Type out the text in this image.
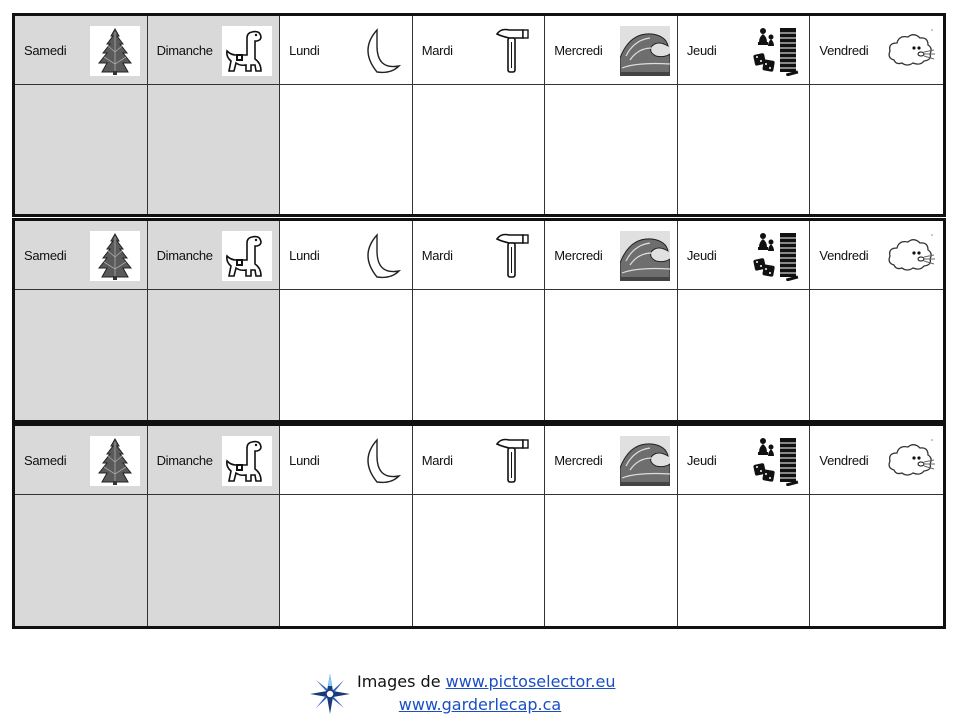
Samedi	Dimanche	Lundi	Mardi	Mercredi	Jeudi	Vendredi
Samedi	Dimanche	Lundi	Mardi	Mercredi	Jeudi	Vendredi
Samedi	Dimanche	Lundi	Mardi	Mercredi	Jeudi	Vendredi
Images de www.pictoselector.eu
www.garderlecap.ca
